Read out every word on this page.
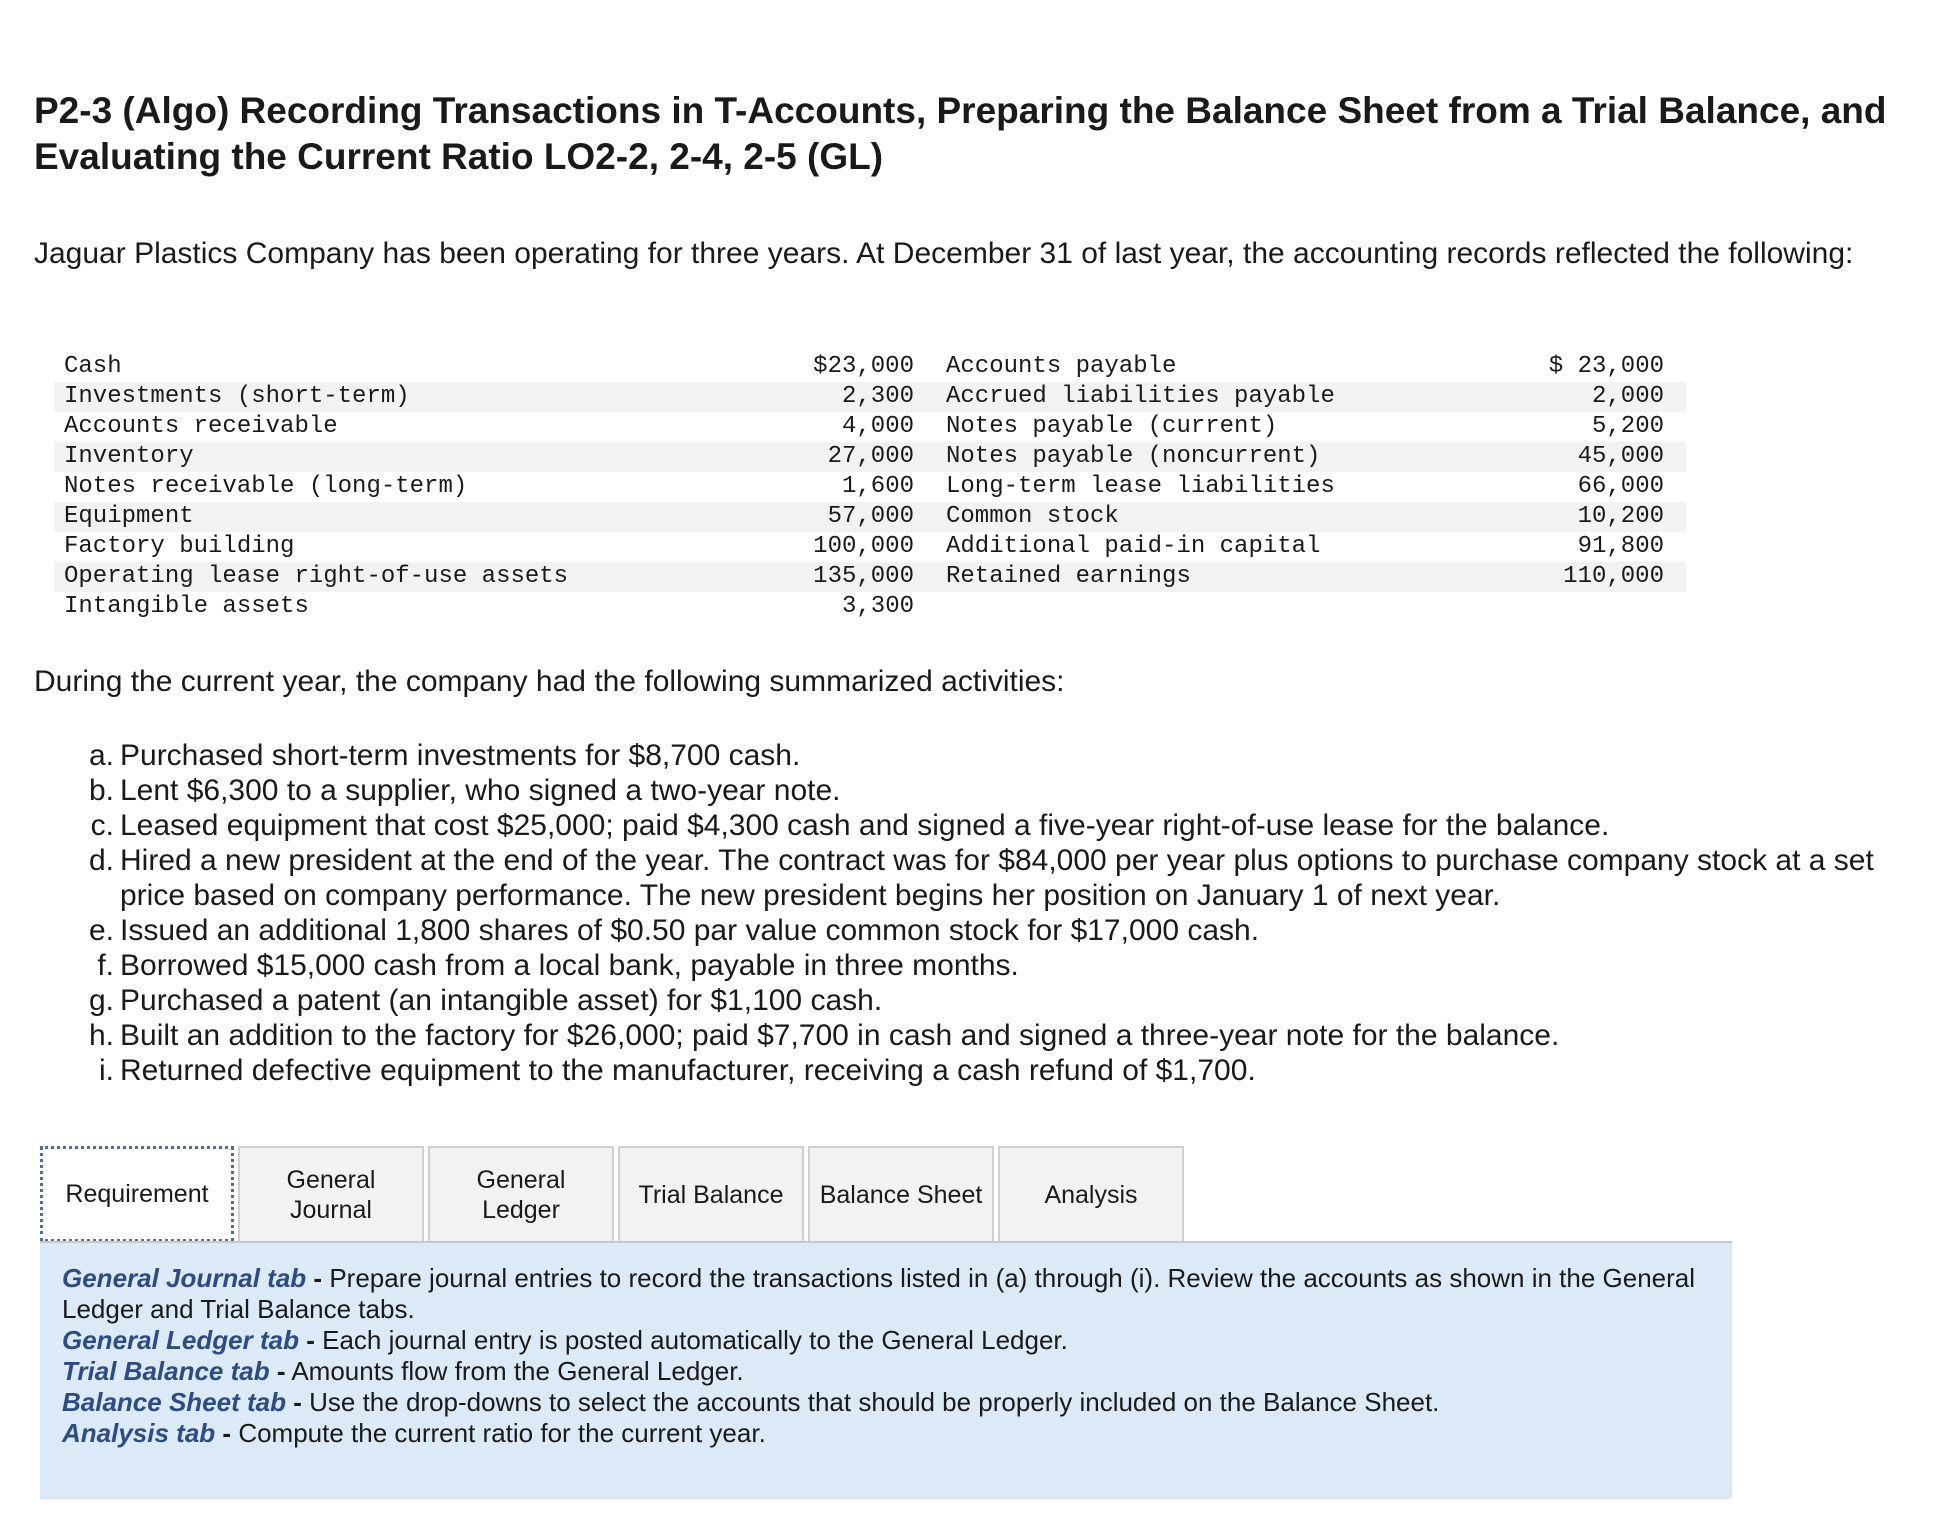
P2-3 (Algo) Recording Transactions in T-Accounts, Preparing the Balance Sheet from a Trial Balance, and Evaluating the Current Ratio LO2-2, 2-4, 2-5 (GL)
Jaguar Plastics Company has been operating for three years. At December 31 of last year, the accounting records reflected the following:
Cash	$23,000	Accounts payable	$ 23,000
Investments (short-term)	2,300	Accrued liabilities payable	2,000
Accounts receivable	4,000	Notes payable (current)	5,200
Inventory	27,000	Notes payable (noncurrent)	45,000
Notes receivable (long-term)	1,600	Long-term lease liabilities	66,000
Equipment	57,000	Common stock	10,200
Factory building	100,000	Additional paid-in capital	91,800
Operating lease right-of-use assets	135,000	Retained earnings	110,000
Intangible assets	3,300		
During the current year, the company had the following summarized activities:
a. Purchased short-term investments for $8,700 cash.
b. Lent $6,300 to a supplier, who signed a two-year note.
c. Leased equipment that cost $25,000; paid $4,300 cash and signed a five-year right-of-use lease for the balance.
d. Hired a new president at the end of the year. The contract was for $84,000 per year plus options to purchase company stock at a set price based on company performance. The new president begins her position on January 1 of next year.
e. Issued an additional 1,800 shares of $0.50 par value common stock for $17,000 cash.
f. Borrowed $15,000 cash from a local bank, payable in three months.
g. Purchased a patent (an intangible asset) for $1,100 cash.
h. Built an addition to the factory for $26,000; paid $7,700 in cash and signed a three-year note for the balance.
i. Returned defective equipment to the manufacturer, receiving a cash refund of $1,700.
Requirement	General
Journal
General
Ledger
Trial Balance Balance Sheet Analysis

General Journal tab - Prepare journal entries to record the transactions listed in (a) through (i). Review the accounts as shown in the General Ledger and Trial Balance tabs.

General Ledger tab - Each journal entry is posted automatically to the General Ledger.

Trial Balance tab - Amounts flow from the General Ledger.

Balance Sheet tab - Use the drop-downs to select the accounts that should be properly included on the Balance Sheet.

Analysis tab - Compute the current ratio for the current year.
